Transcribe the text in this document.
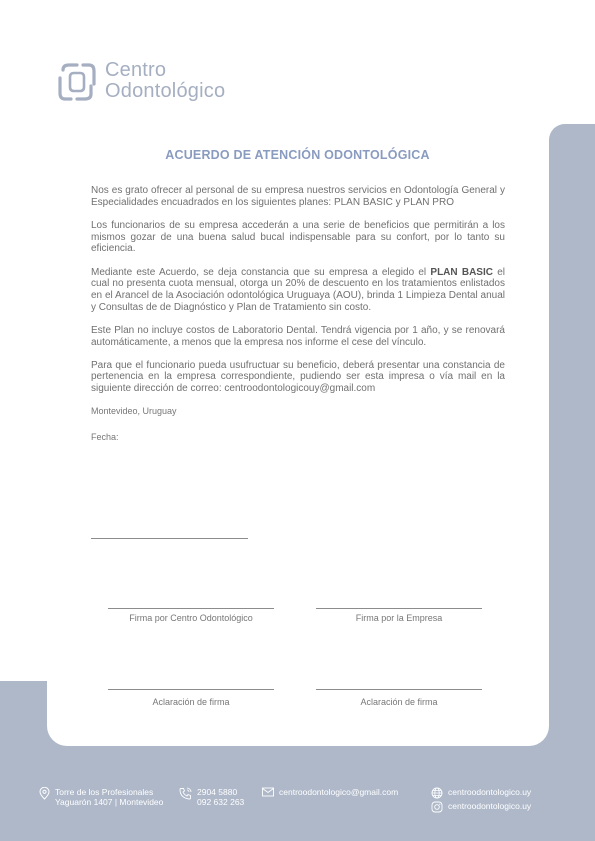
Centro
Odontológico
ACUERDO DE ATENCIÓN ODONTOLÓGICA

Nos es grato ofrecer al personal de su empresa nuestros servicios en Odontología General y Especialidades encuadrados en los siguientes planes: PLAN BASIC y PLAN PRO

Los funcionarios de su empresa accederán a una serie de beneficios que permitirán a los mismos gozar de una buena salud bucal indispensable para su confort, por lo tanto su eficiencia.

Mediante este Acuerdo, se deja constancia que su empresa a elegido el PLAN BASIC el cual no presenta cuota mensual, otorga un 20% de descuento en los tratamientos enlistados en el Arancel de la Asociación odontológica Uruguaya (AOU), brinda 1 Limpieza Dental anual y Consultas de de Diagnóstico y Plan de Tratamiento sin costo.

Este Plan no incluye costos de Laboratorio Dental. Tendrá vigencia por 1 año, y se renovará automáticamente, a menos que la empresa nos informe el cese del vínculo.

Para que el funcionario pueda usufructuar su beneficio, deberá presentar una constancia de pertenencia en la empresa correspondiente, pudiendo ser esta impresa o vía mail en la siguiente dirección de correo: centroodontologicouy@gmail.com

Montevideo, Uruguay

Fecha:

Firma por Centro Odontológico	Firma por la Empresa
Aclaración de firma	Aclaración de firma
Torre de los Profesionales
Yaguarón 1407 | Montevideo
2904 5880
092 632 263
centroodontologico@gmail.com	centroodontologico.uy
centroodontologico.uy
